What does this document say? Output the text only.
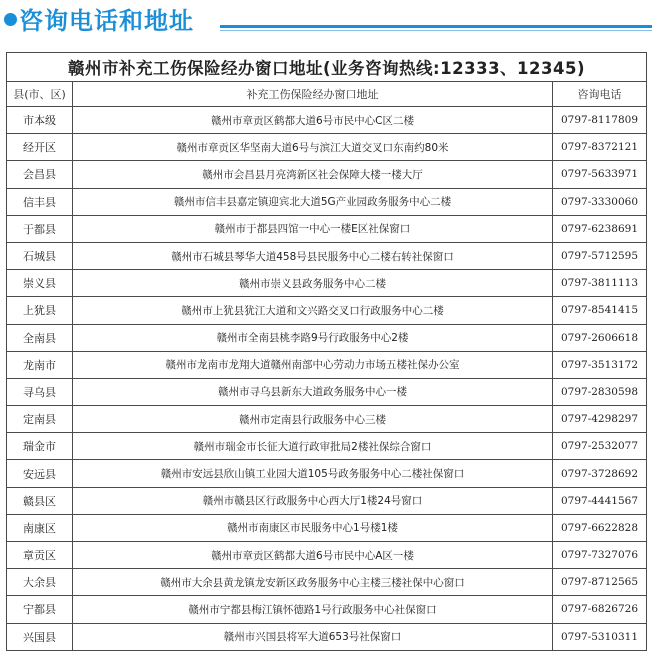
咨询电话和地址
赣州市补充工伤保险经办窗口地址(业务咨询热线:12333、12345)		
县(市、区)	补充工伤保险经办窗口地址	咨询电话
市本级	赣州市章贡区鹤都大道6号市民中心C区二楼	0797-8117809
经开区	赣州市章贡区华坚南大道6号与滨江大道交叉口东南约80米	0797-8372121
会昌县	赣州市会昌县月亮湾新区社会保障大楼一楼大厅	0797-5633971
信丰县	赣州市信丰县嘉定镇迎宾北大道5G产业园政务服务中心二楼	0797-3330060
于都县	赣州市于都县四馆一中心一楼E区社保窗口	0797-6238691
石城县	赣州市石城县琴华大道458号县民服务中心二楼右转社保窗口	0797-5712595
崇义县	赣州市崇义县政务服务中心二楼	0797-3811113
上犹县	赣州市上犹县犹江大道和文兴路交叉口行政服务中心二楼	0797-8541415
全南县	赣州市全南县桃李路9号行政服务中心2楼	0797-2606618
龙南市	赣州市龙南市龙翔大道赣州南部中心劳动力市场五楼社保办公室	0797-3513172
寻乌县	赣州市寻乌县新东大道政务服务中心一楼	0797-2830598
定南县	赣州市定南县行政服务中心三楼	0797-4298297
瑞金市	赣州市瑞金市长征大道行政审批局2楼社保综合窗口	0797-2532077
安远县	赣州市安远县欣山镇工业园大道105号政务服务中心二楼社保窗口	0797-3728692
赣县区	赣州市赣县区行政服务中心西大厅1楼24号窗口	0797-4441567
南康区	赣州市南康区市民服务中心1号楼1楼	0797-6622828
章贡区	赣州市章贡区鹤都大道6号市民中心A区一楼	0797-7327076
大余县	赣州市大余县黄龙镇龙安新区政务服务中心主楼三楼社保中心窗口	0797-8712565
宁都县	赣州市宁都县梅江镇怀德路1号行政服务中心社保窗口	0797-6826726
兴国县	赣州市兴国县将军大道653号社保窗口	0797-5310311
